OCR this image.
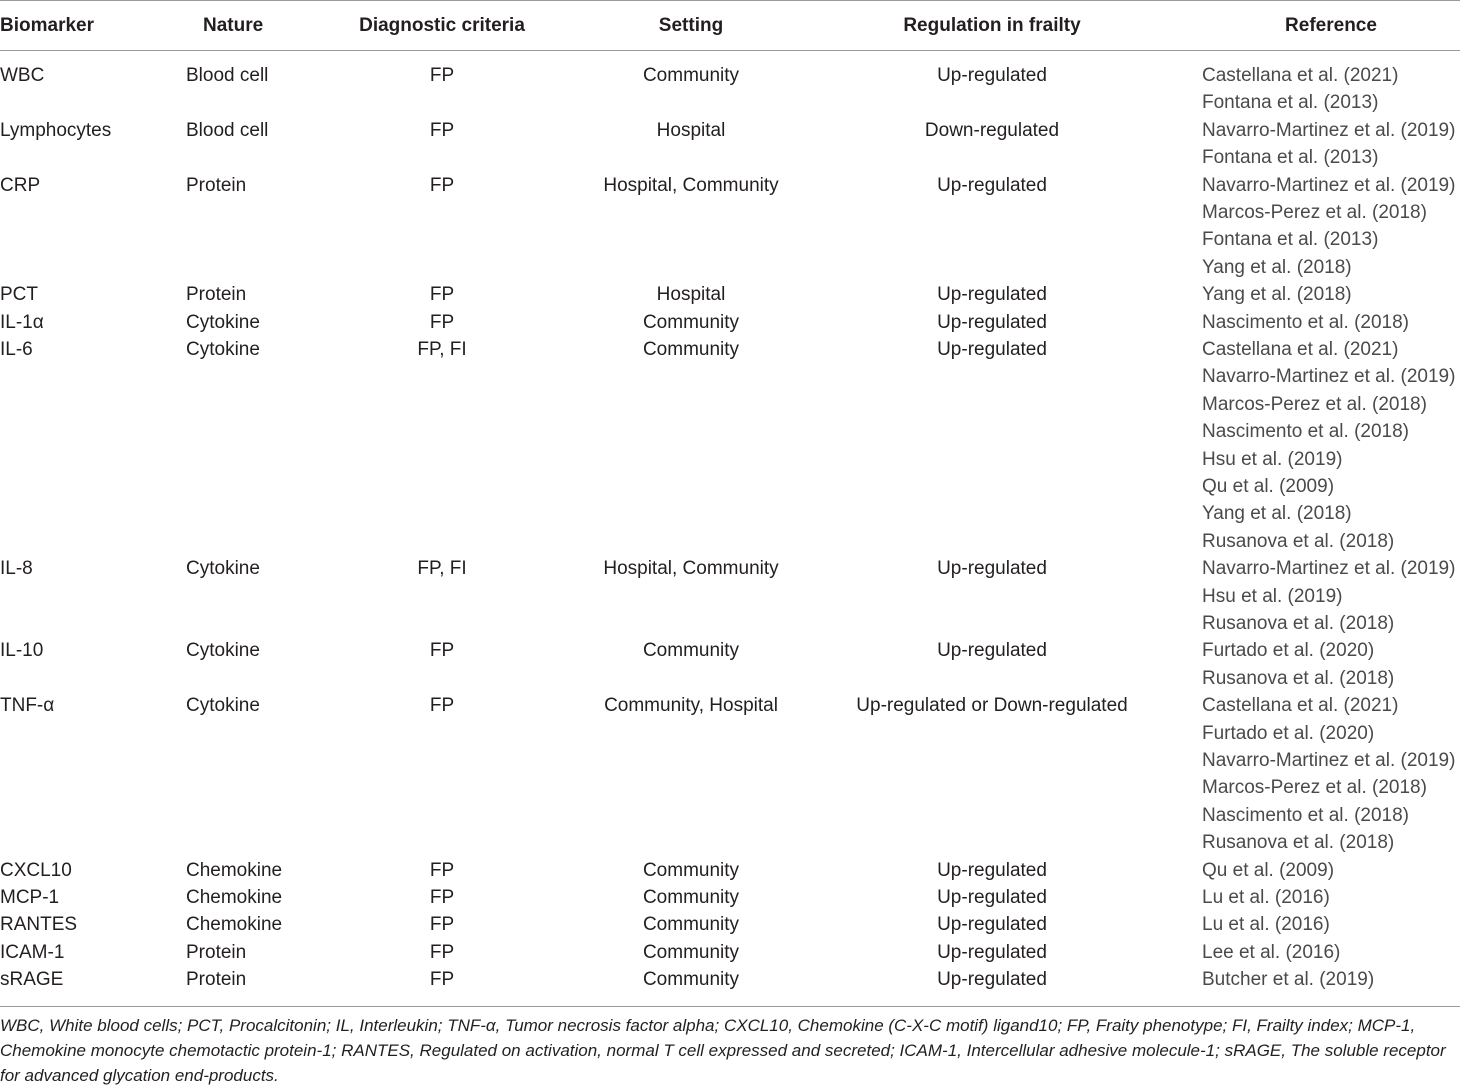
Biomarker	Nature	Diagnostic criteria	Setting	Regulation in frailty	Reference
WBC	Blood cell	FP	Community	Up-regulated	Castellana et al. (2021)
Fontana et al. (2013)
Lymphocytes	Blood cell	FP	Hospital	Down-regulated	Navarro-Martinez et al. (2019)
Fontana et al. (2013)
CRP	Protein	FP	Hospital, Community	Up-regulated	Navarro-Martinez et al. (2019)
Marcos-Perez et al. (2018)
Fontana et al. (2013)
Yang et al. (2018)
PCT	Protein	FP	Hospital	Up-regulated	Yang et al. (2018)
IL-1α	Cytokine	FP	Community	Up-regulated	Nascimento et al. (2018)
IL-6	Cytokine	FP, FI	Community	Up-regulated	Castellana et al. (2021)
Navarro-Martinez et al. (2019)
Marcos-Perez et al. (2018)
Nascimento et al. (2018)
Hsu et al. (2019)
Qu et al. (2009)
Yang et al. (2018)
Rusanova et al. (2018)
IL-8	Cytokine	FP, FI	Hospital, Community	Up-regulated	Navarro-Martinez et al. (2019)
Hsu et al. (2019)
Rusanova et al. (2018)
IL-10	Cytokine	FP	Community	Up-regulated	Furtado et al. (2020)
Rusanova et al. (2018)
TNF-α	Cytokine	FP	Community, Hospital	Up-regulated or Down-regulated	Castellana et al. (2021)
Furtado et al. (2020)
Navarro-Martinez et al. (2019)
Marcos-Perez et al. (2018)
Nascimento et al. (2018)
Rusanova et al. (2018)
CXCL10	Chemokine	FP	Community	Up-regulated	Qu et al. (2009)
MCP-1	Chemokine	FP	Community	Up-regulated	Lu et al. (2016)
RANTES	Chemokine	FP	Community	Up-regulated	Lu et al. (2016)
ICAM-1	Protein	FP	Community	Up-regulated	Lee et al. (2016)
sRAGE	Protein	FP	Community	Up-regulated	Butcher et al. (2019)
WBC, White blood cells; PCT, Procalcitonin; IL, Interleukin; TNF-α, Tumor necrosis factor alpha; CXCL10, Chemokine (C-X-C motif) ligand10; FP, Fraity phenotype; FI, Frailty index; MCP-1, Chemokine monocyte chemotactic protein-1; RANTES, Regulated on activation, normal T cell expressed and secreted; ICAM-1, Intercellular adhesive molecule-1; sRAGE, The soluble receptor for advanced glycation end-products.
